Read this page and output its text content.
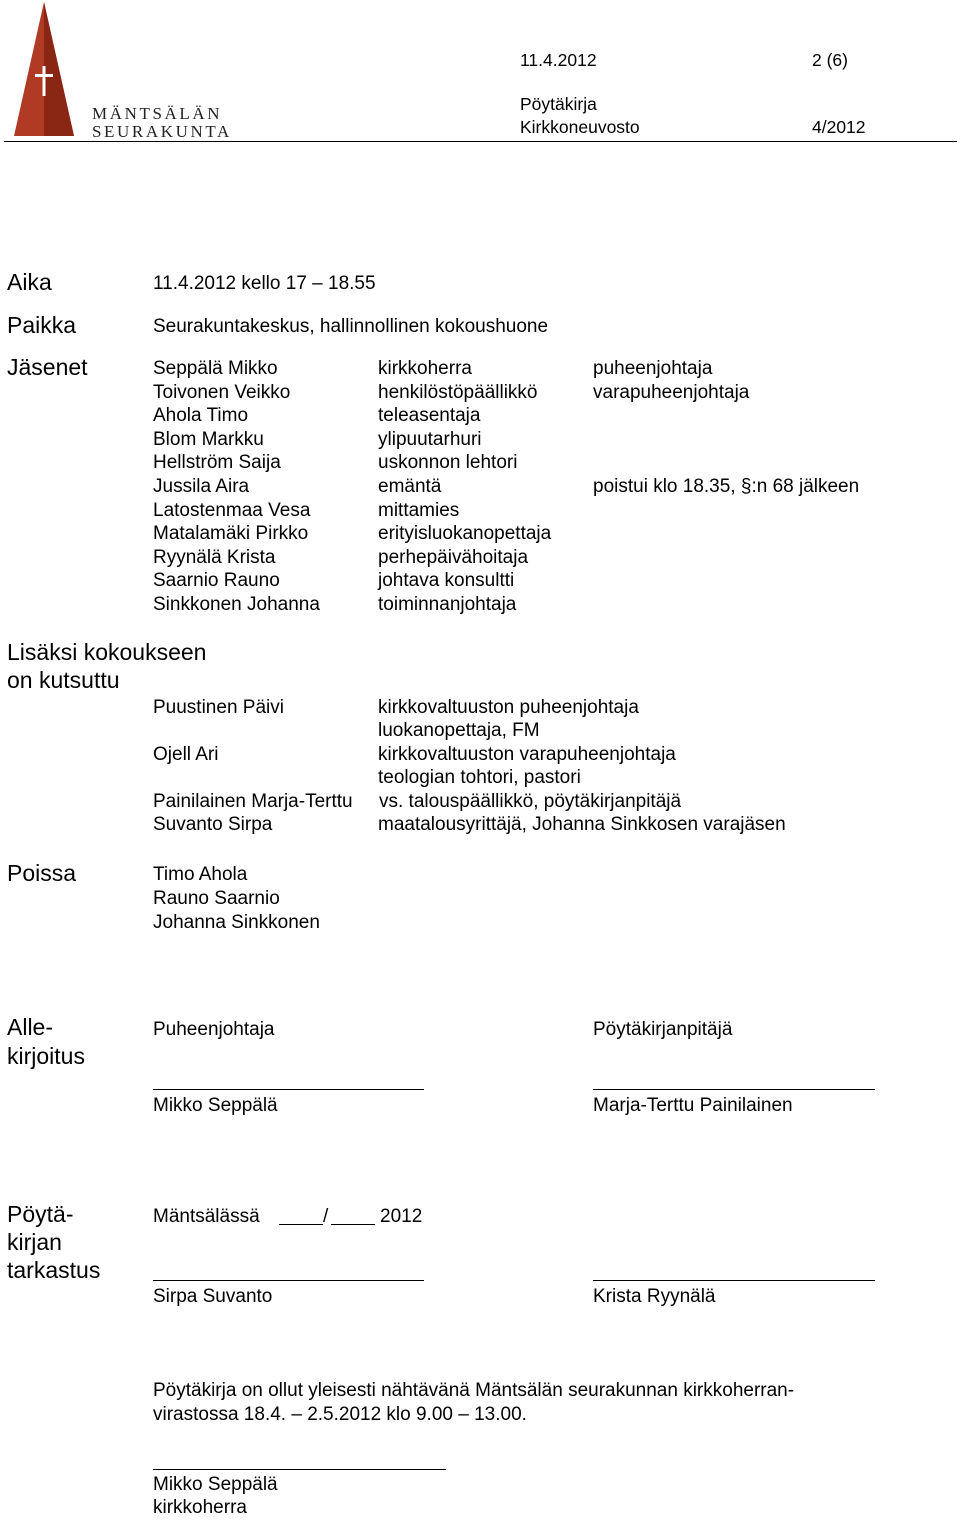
MÄNTSÄLÄN
SEURAKUNTA
11.4.2012	2 (6)
Pöytäkirja
Kirkkoneuvosto	4/2012
Aika	11.4.2012 kello 17 – 18.55
Paikka	Seurakuntakeskus, hallinnollinen kokoushuone
Jäsenet	Seppälä Mikko	kirkkoherra	puheenjohtaja
Toivonen Veikko	henkilöstöpäällikkö	varapuheenjohtaja
Ahola Timo	teleasentaja
Blom Markku	ylipuutarhuri
Hellström Saija	uskonnon lehtori
Jussila Aira	emäntä	poistui klo 18.35, §:n 68 jälkeen
Latostenmaa Vesa	mittamies
Matalamäki Pirkko	erityisluokanopettaja
Ryynälä Krista	perhepäivähoitaja
Saarnio Rauno	johtava konsultti
Sinkkonen Johanna	toiminnanjohtaja
Lisäksi kokoukseen
on kutsuttu
Puustinen Päivi	kirkkovaltuuston puheenjohtaja
luokanopettaja, FM
Ojell Ari	kirkkovaltuuston varapuheenjohtaja
teologian tohtori, pastori
Painilainen Marja-Terttu vs. talouspäällikkö, pöytäkirjanpitäjä
Suvanto Sirpa	maatalousyrittäjä, Johanna Sinkkosen varajäsen
Poissa	Timo Ahola
Rauno Saarnio
Johanna Sinkkonen
Alle-
kirjoitus
Puheenjohtaja	Pöytäkirjanpitäjä
Mikko Seppälä	Marja-Terttu Painilainen
Pöytä-
kirjan
tarkastus
Mäntsälässä	/	2012
Sirpa Suvanto	Krista Ryynälä
Pöytäkirja on ollut yleisesti nähtävänä Mäntsälän seurakunnan kirkkoherran-
virastossa 18.4. – 2.5.2012 klo 9.00 – 13.00.
Mikko Seppälä
kirkkoherra
